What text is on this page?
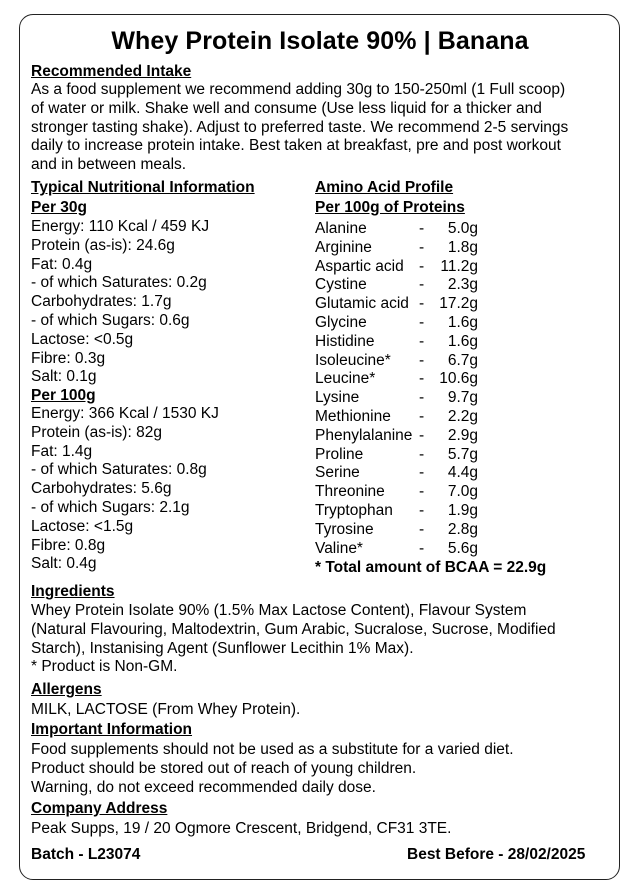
Whey Protein Isolate 90% | Banana
Recommended Intake
As a food supplement we recommend adding 30g to 150-250ml (1 Full scoop)
of water or milk. Shake well and consume (Use less liquid for a thicker and
stronger tasting shake). Adjust to preferred taste. We recommend 2-5 servings
daily to increase protein intake. Best taken at breakfast, pre and post workout
and in between meals.
Typical Nutritional Information
Per 30g
Energy: 110 Kcal / 459 KJ
Protein (as-is): 24.6g
Fat: 0.4g
- of which Saturates: 0.2g
Carbohydrates: 1.7g
- of which Sugars: 0.6g
Lactose: <0.5g
Fibre: 0.3g
Salt: 0.1g
Per 100g
Energy: 366 Kcal / 1530 KJ
Protein (as-is): 82g
Fat: 1.4g
- of which Saturates: 0.8g
Carbohydrates: 5.6g
- of which Sugars: 2.1g
Lactose: <1.5g
Fibre: 0.8g
Salt: 0.4g
Amino Acid Profile
Per 100g of Proteins
Alanine	-	5.0g
Arginine	-	1.8g
Aspartic acid -	11.2g
Cystine	-	2.3g
Glutamic acid - 17.2g
Glycine	-	1.6g
Histidine	-	1.6g
Isoleucine* -	6.7g
Leucine*	- 10.6g
Lysine	-	9.7g
Methionine -	2.2g
Phenylalanine -	2.9g
Proline	-	5.7g
Serine	-	4.4g
Threonine -	7.0g
Tryptophan -	1.9g
Tyrosine	-	2.8g
Valine*	-	5.6g
* Total amount of BCAA = 22.9g
Ingredients
Whey Protein Isolate 90% (1.5% Max Lactose Content), Flavour System
(Natural Flavouring, Maltodextrin, Gum Arabic, Sucralose, Sucrose, Modified
Starch), Instanising Agent (Sunflower Lecithin 1% Max).
* Product is Non-GM.
Allergens
MILK, LACTOSE (From Whey Protein).
Important Information
Food supplements should not be used as a substitute for a varied diet.
Product should be stored out of reach of young children.
Warning, do not exceed recommended daily dose.
Company Address
Peak Supps, 19 / 20 Ogmore Crescent, Bridgend, CF31 3TE.
Batch - L23074	Best Before - 28/02/2025
